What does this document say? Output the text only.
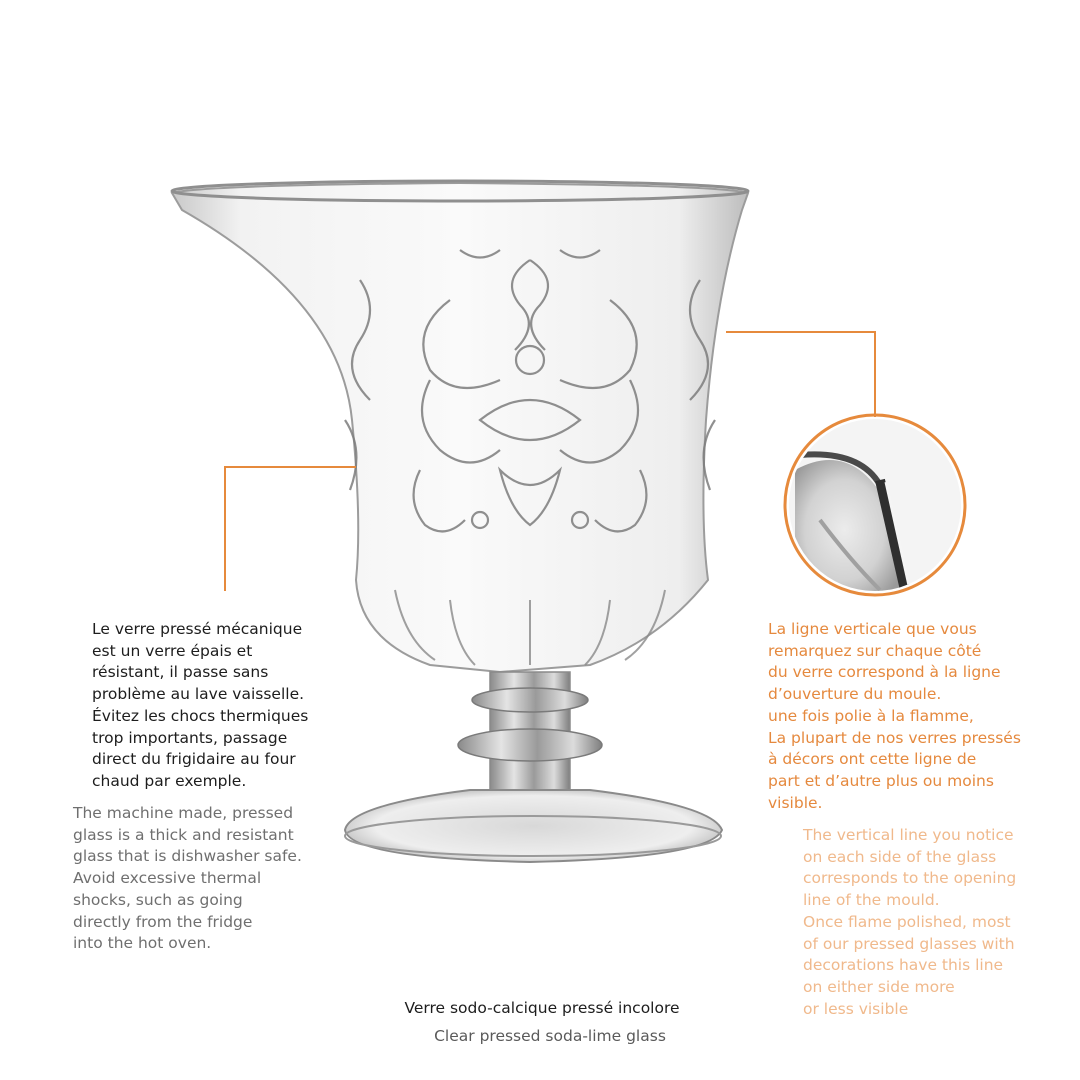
Le verre pressé mécanique
est un verre épais et
résistant, il passe sans
problème au lave vaisselle.
Évitez les chocs thermiques
trop importants, passage
direct du frigidaire au four
chaud par exemple.
The machine made, pressed
glass is a thick and resistant
glass that is dishwasher safe.
Avoid excessive thermal
shocks, such as going
directly from the fridge
into the hot oven.
La ligne verticale que vous
remarquez sur chaque côté
du verre correspond à la ligne
d’ouverture du moule.
une fois polie à la flamme,
La plupart de nos verres pressés
à décors ont cette ligne de
part et d’autre plus ou moins
visible.
The vertical line you notice
on each side of the glass
corresponds to the opening
line of the mould.
Once flame polished, most
of our pressed glasses with
decorations have this line
on either side more
or less visible
Verre sodo-calcique pressé incolore
Clear pressed soda-lime glass
